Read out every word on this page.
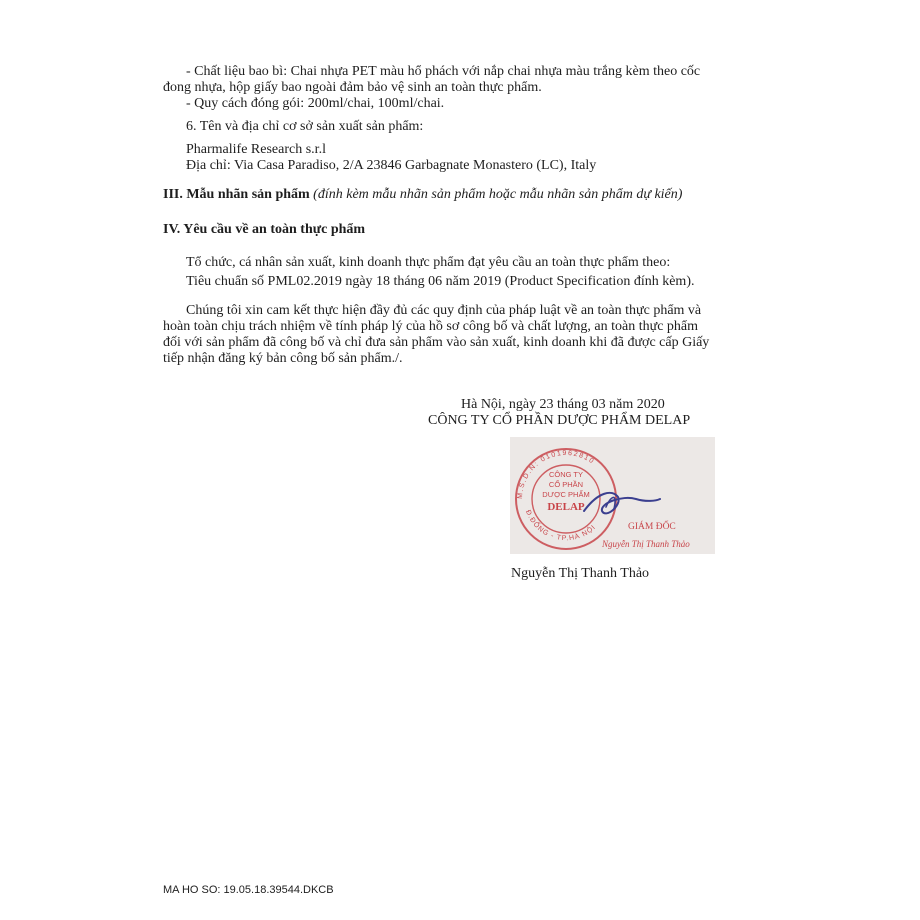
- Chất liệu bao bì: Chai nhựa PET màu hổ phách với nắp chai nhựa màu trắng kèm theo cốc
đong nhựa, hộp giấy bao ngoài đảm bảo vệ sinh an toàn thực phẩm.
- Quy cách đóng gói: 200ml/chai, 100ml/chai.
6. Tên và địa chỉ cơ sở sản xuất sản phẩm:
Pharmalife Research s.r.l
Địa chỉ: Via Casa Paradiso, 2/A 23846 Garbagnate Monastero (LC), Italy
III. Mẫu nhãn sản phẩm (đính kèm mẫu nhãn sản phẩm hoặc mẫu nhãn sản phẩm dự kiến)
IV. Yêu cầu về an toàn thực phẩm
Tổ chức, cá nhân sản xuất, kinh doanh thực phẩm đạt yêu cầu an toàn thực phẩm theo:
Tiêu chuẩn số PML02.2019 ngày 18 tháng 06 năm 2019 (Product Specification đính kèm).
Chúng tôi xin cam kết thực hiện đầy đủ các quy định của pháp luật về an toàn thực phẩm và
hoàn toàn chịu trách nhiệm về tính pháp lý của hồ sơ công bố và chất lượng, an toàn thực phẩm
đối với sản phẩm đã công bố và chỉ đưa sản phẩm vào sản xuất, kinh doanh khi đã được cấp Giấy
tiếp nhận đăng ký bản công bố sản phẩm./.
Hà Nội, ngày 23 tháng 03 năm 2020
CÔNG TY CỔ PHẦN DƯỢC PHẨM DELAP
M.S.D.N: 0101962810
Đ.ĐỐNG - TP.HÀ NỘI
CÔNG TY
CỔ PHẦN
DƯỢC PHẨM
DELAP
GIÁM ĐỐC
Nguyễn Thị Thanh Thảo
Nguyễn Thị Thanh Thảo
MA HO SO: 19.05.18.39544.DKCB
